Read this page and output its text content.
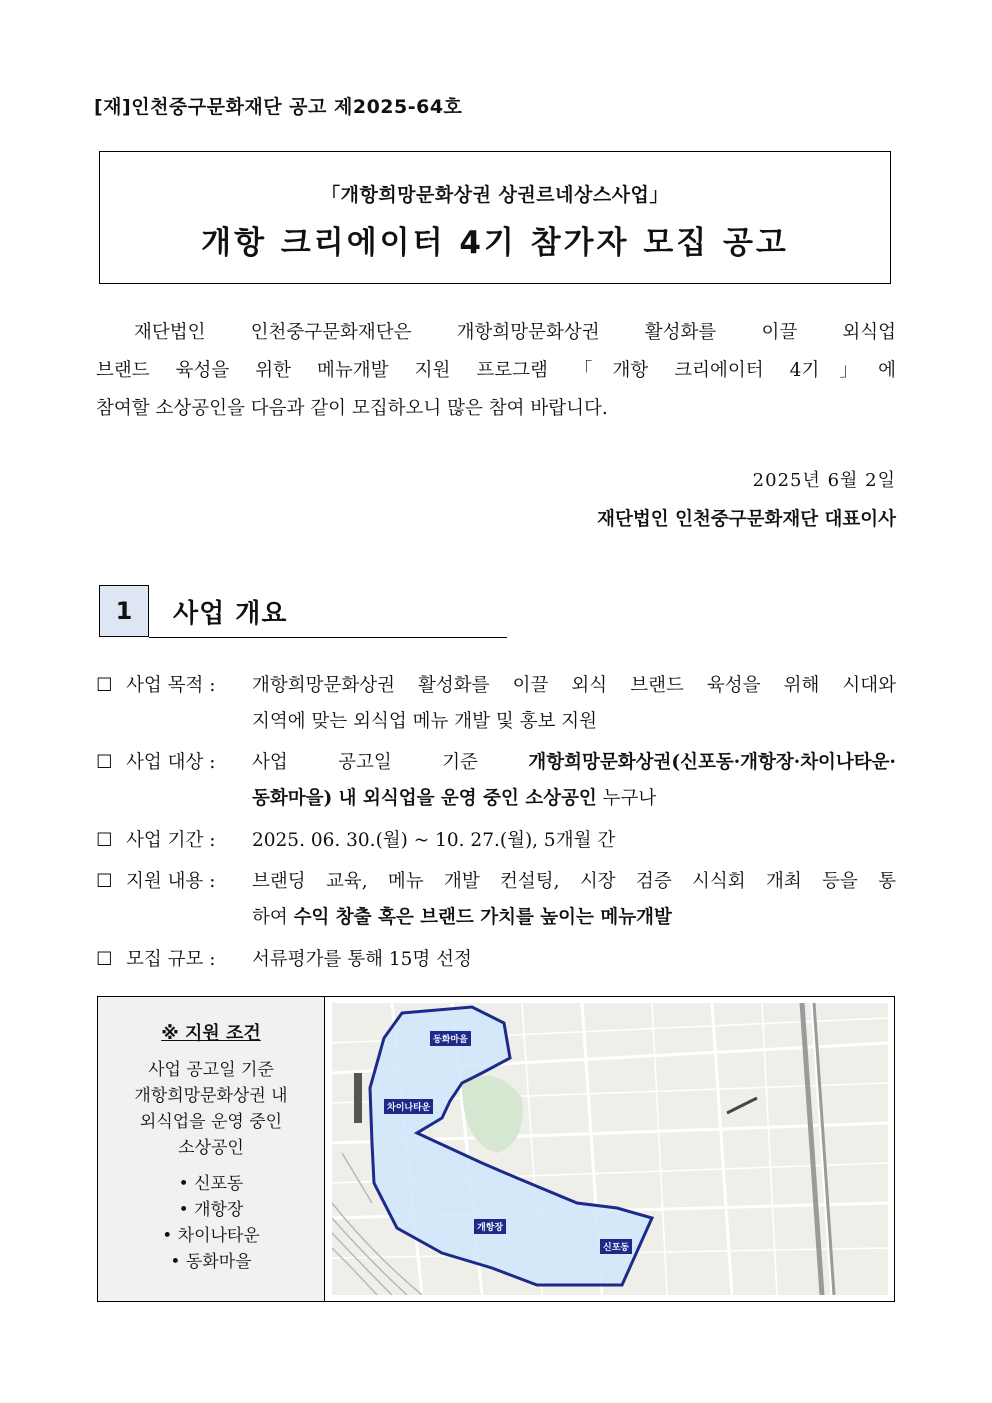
[재]인천중구문화재단 공고 제2025-64호
「개항희망문화상권 상권르네상스사업」
개항 크리에이터 4기 참가자 모집 공고
재단법인 인천중구문화재단은 개항희망문화상권 활성화를 이끌 외식업
브랜드 육성을 위한 메뉴개발 지원 프로그램 「개항 크리에이터 4기」에
참여할 소상공인을 다음과 같이 모집하오니 많은 참여 바랍니다.
2025년 6월 2일
재단법인 인천중구문화재단 대표이사
1	사업 개요
☐ 사업 목적 : 개항희망문화상권 활성화를 이끌 외식 브랜드 육성을 위해 시대와
지역에 맞는 외식업 메뉴 개발 및 홍보 지원
☐ 사업 대상 : 사업 공고일 기준 개항희망문화상권(신포동·개항장·차이나타운·
동화마을) 내 외식업을 운영 중인 소상공인 누구나
☐ 사업 기간 : 2025. 06. 30.(월) ~ 10. 27.(월), 5개월 간
☐ 지원 내용 : 브랜딩 교육, 메뉴 개발 컨설팅, 시장 검증 시식회 개최 등을 통
하여 수익 창출 혹은 브랜드 가치를 높이는 메뉴개발
☐ 모집 규모 : 서류평가를 통해 15명 선정
※ 지원 조건
사업 공고일 기준
개항희망문화상권 내
외식업을 운영 중인
소상공인
• 신포동
• 개항장
• 차이나타운
• 동화마을
동화마을
차이나타운
개항장
신포동
